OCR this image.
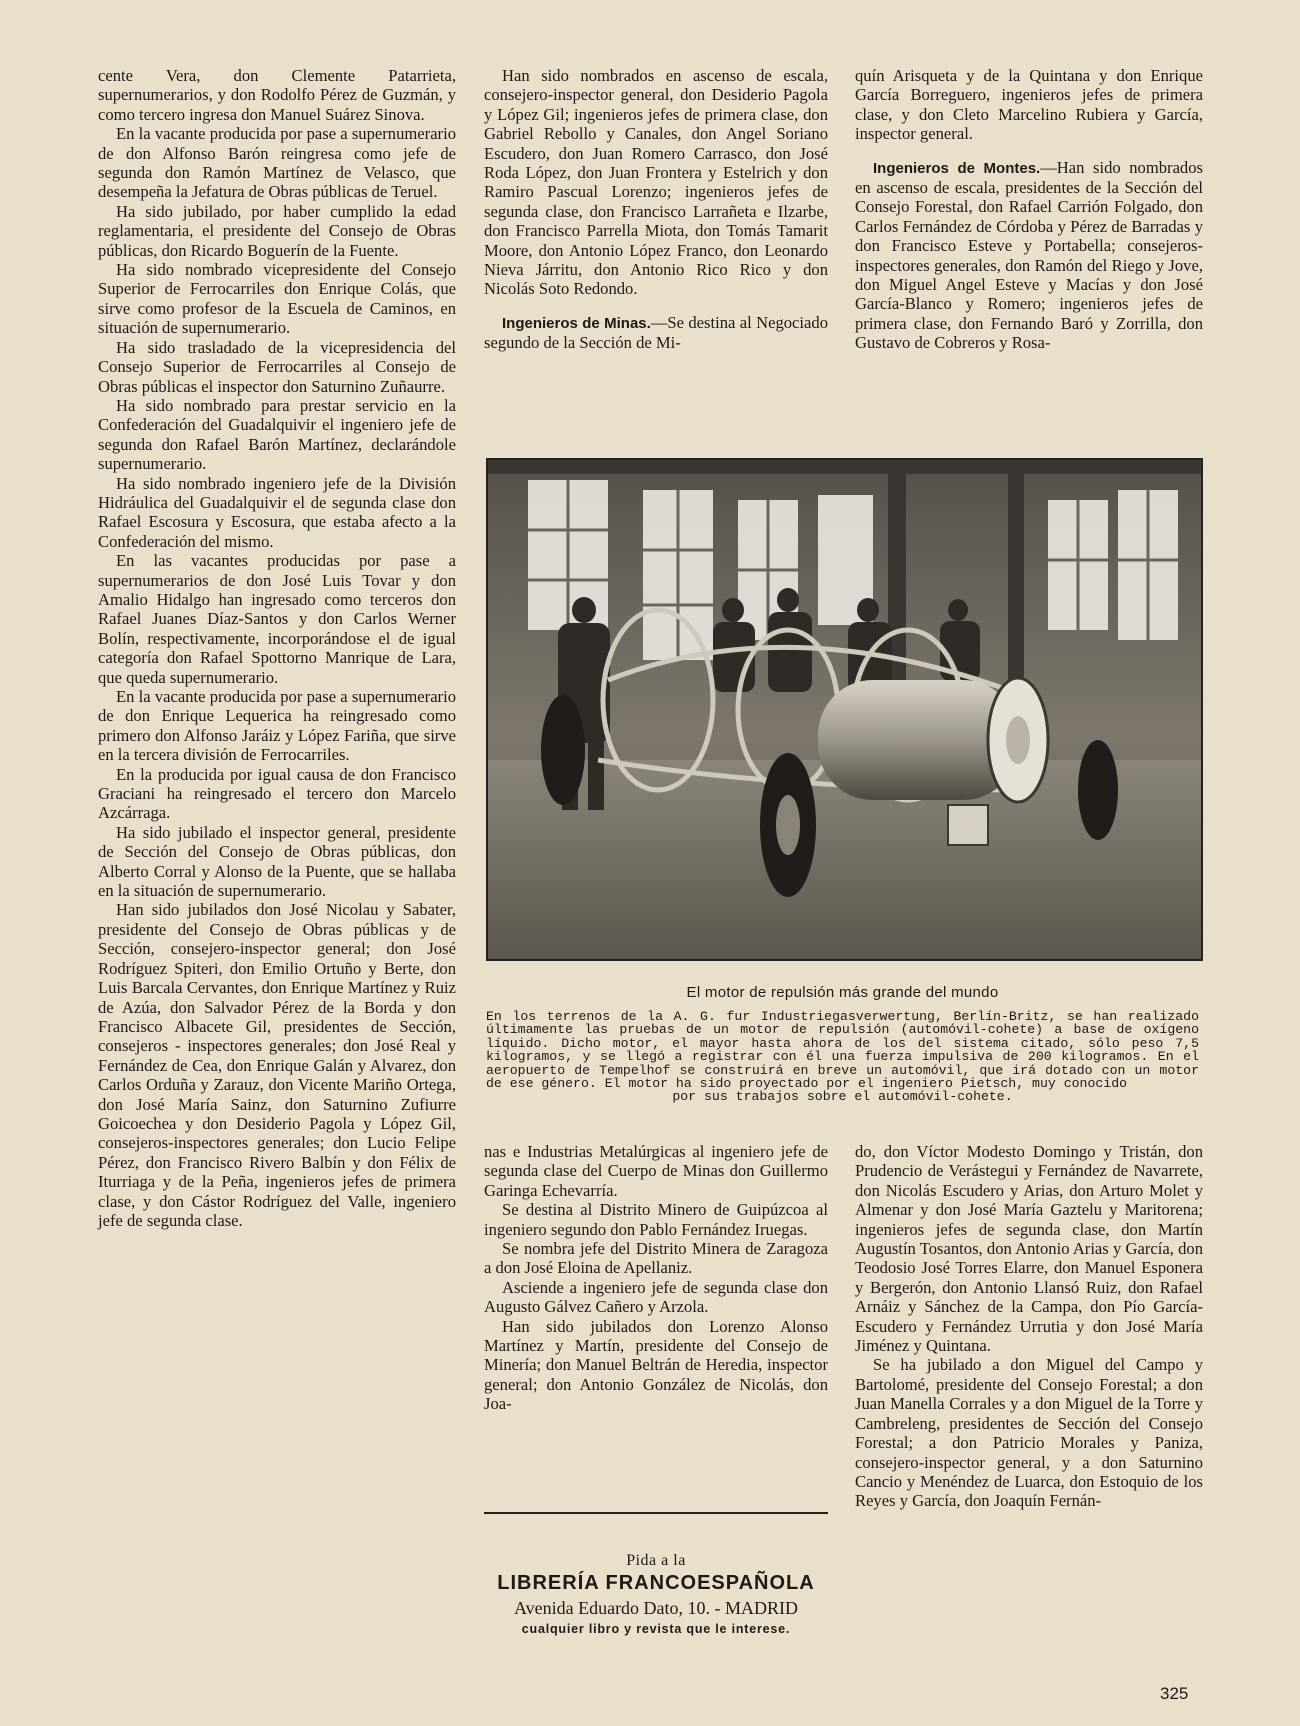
cente Vera, don Clemente Patarrieta, supernumerarios, y don Rodolfo Pérez de Guzmán, y como tercero ingresa don Manuel Suárez Sinova.

En la vacante producida por pase a supernumerario de don Alfonso Barón reingresa como jefe de segunda don Ramón Martínez de Velasco, que desempeña la Jefatura de Obras públicas de Teruel.

Ha sido jubilado, por haber cumplido la edad reglamentaria, el presidente del Consejo de Obras públicas, don Ricardo Boguerín de la Fuente.

Ha sido nombrado vicepresidente del Consejo Superior de Ferrocarriles don Enrique Colás, que sirve como profesor de la Escuela de Caminos, en situación de supernumerario.

Ha sido trasladado de la vicepresidencia del Consejo Superior de Ferrocarriles al Consejo de Obras públicas el inspector don Saturnino Zuñaurre.

Ha sido nombrado para prestar servicio en la Confederación del Guadalquivir el ingeniero jefe de segunda don Rafael Barón Martínez, declarándole supernumerario.

Ha sido nombrado ingeniero jefe de la División Hidráulica del Guadalquivir el de segunda clase don Rafael Escosura y Escosura, que estaba afecto a la Confederación del mismo.

En las vacantes producidas por pase a supernumerarios de don José Luis Tovar y don Amalio Hidalgo han ingresado como terceros don Rafael Juanes Díaz-Santos y don Carlos Werner Bolín, respectivamente, incorporándose el de igual categoría don Rafael Spottorno Manrique de Lara, que queda supernumerario.

En la vacante producida por pase a supernumerario de don Enrique Lequerica ha reingresado como primero don Alfonso Jaráiz y López Fariña, que sirve en la tercera división de Ferrocarriles.

En la producida por igual causa de don Francisco Graciani ha reingresado el tercero don Marcelo Azcárraga.

Ha sido jubilado el inspector general, presidente de Sección del Consejo de Obras públicas, don Alberto Corral y Alonso de la Puente, que se hallaba en la situación de supernumerario.

Han sido jubilados don José Nicolau y Sabater, presidente del Consejo de Obras públicas y de Sección, consejero-inspector general; don José Rodríguez Spiteri, don Emilio Ortuño y Berte, don Luis Barcala Cervantes, don Enrique Martínez y Ruiz de Azúa, don Salvador Pérez de la Borda y don Francisco Albacete Gil, presidentes de Sección, consejeros - inspectores generales; don José Real y Fernández de Cea, don Enrique Galán y Alvarez, don Carlos Orduña y Zarauz, don Vicente Mariño Ortega, don José María Sainz, don Saturnino Zufiurre Goicoechea y don Desiderio Pagola y López Gil, consejeros-inspectores generales; don Lucio Felipe Pérez, don Francisco Rivero Balbín y don Félix de Iturriaga y de la Peña, ingenieros jefes de primera clase, y don Cástor Rodríguez del Valle, ingeniero jefe de segunda clase.

Han sido nombrados en ascenso de escala, consejero-inspector general, don Desiderio Pagola y López Gil; ingenieros jefes de primera clase, don Gabriel Rebollo y Canales, don Angel Soriano Escudero, don Juan Romero Carrasco, don José Roda López, don Juan Frontera y Estelrich y don Ramiro Pascual Lorenzo; ingenieros jefes de segunda clase, don Francisco Larrañeta e Ilzarbe, don Francisco Parrella Miota, don Tomás Tamarit Moore, don Antonio López Franco, don Leonardo Nieva Járritu, don Antonio Rico Rico y don Nicolás Soto Redondo.

Ingenieros de Minas.—Se destina al Negociado segundo de la Sección de Mi-

quín Arisqueta y de la Quintana y don Enrique García Borreguero, ingenieros jefes de primera clase, y don Cleto Marcelino Rubiera y García, inspector general.

Ingenieros de Montes.—Han sido nombrados en ascenso de escala, presidentes de la Sección del Consejo Forestal, don Rafael Carrión Folgado, don Carlos Fernández de Córdoba y Pérez de Barradas y don Francisco Esteve y Portabella; consejeros-inspectores generales, don Ramón del Riego y Jove, don Miguel Angel Esteve y Macías y don José García-Blanco y Romero; ingenieros jefes de primera clase, don Fernando Baró y Zorrilla, don Gustavo de Cobreros y Rosa-

El motor de repulsión más grande del mundo
En los terrenos de la A. G. fur Industriegasverwertung, Berlín-Britz, se han realizado últimamente las pruebas de un motor de repulsión (automóvil-cohete) a base de oxígeno líquido. Dicho motor, el mayor hasta ahora de los del sistema citado, sólo peso 7,5 kilogramos, y se llegó a registrar con él una fuerza impulsiva de 200 kilogramos. En el aeropuerto de Tempelhof se construirá en breve un automóvil, que irá dotado con un motor de ese género. El motor ha sido proyectado por el ingeniero Pietsch, muy conocido
por sus trabajos sobre el automóvil-cohete.

nas e Industrias Metalúrgicas al ingeniero jefe de segunda clase del Cuerpo de Minas don Guillermo Garinga Echevarría.

Se destina al Distrito Minero de Guipúzcoa al ingeniero segundo don Pablo Fernández Iruegas.

Se nombra jefe del Distrito Minera de Zaragoza a don José Eloina de Apellaniz.

Asciende a ingeniero jefe de segunda clase don Augusto Gálvez Cañero y Arzola.

Han sido jubilados don Lorenzo Alonso Martínez y Martín, presidente del Consejo de Minería; don Manuel Beltrán de Heredia, inspector general; don Antonio González de Nicolás, don Joa-

do, don Víctor Modesto Domingo y Tristán, don Prudencio de Verástegui y Fernández de Navarrete, don Nicolás Escudero y Arias, don Arturo Molet y Almenar y don José María Gaztelu y Maritorena; ingenieros jefes de segunda clase, don Martín Augustín Tosantos, don Antonio Arias y García, don Teodosio José Torres Elarre, don Manuel Esponera y Bergerón, don Antonio Llansó Ruiz, don Rafael Arnáiz y Sánchez de la Campa, don Pío García-Escudero y Fernández Urrutia y don José María Jiménez y Quintana.

Se ha jubilado a don Miguel del Campo y Bartolomé, presidente del Consejo Forestal; a don Juan Manella Corrales y a don Miguel de la Torre y Cambreleng, presidentes de Sección del Consejo Forestal; a don Patricio Morales y Paniza, consejero-inspector general, y a don Saturnino Cancio y Menéndez de Luarca, don Estoquio de los Reyes y García, don Joaquín Fernán-

Pida a la
LIBRERÍA FRANCOESPAÑOLA
Avenida Eduardo Dato, 10. - MADRID
cualquier libro y revista que le interese.
325
